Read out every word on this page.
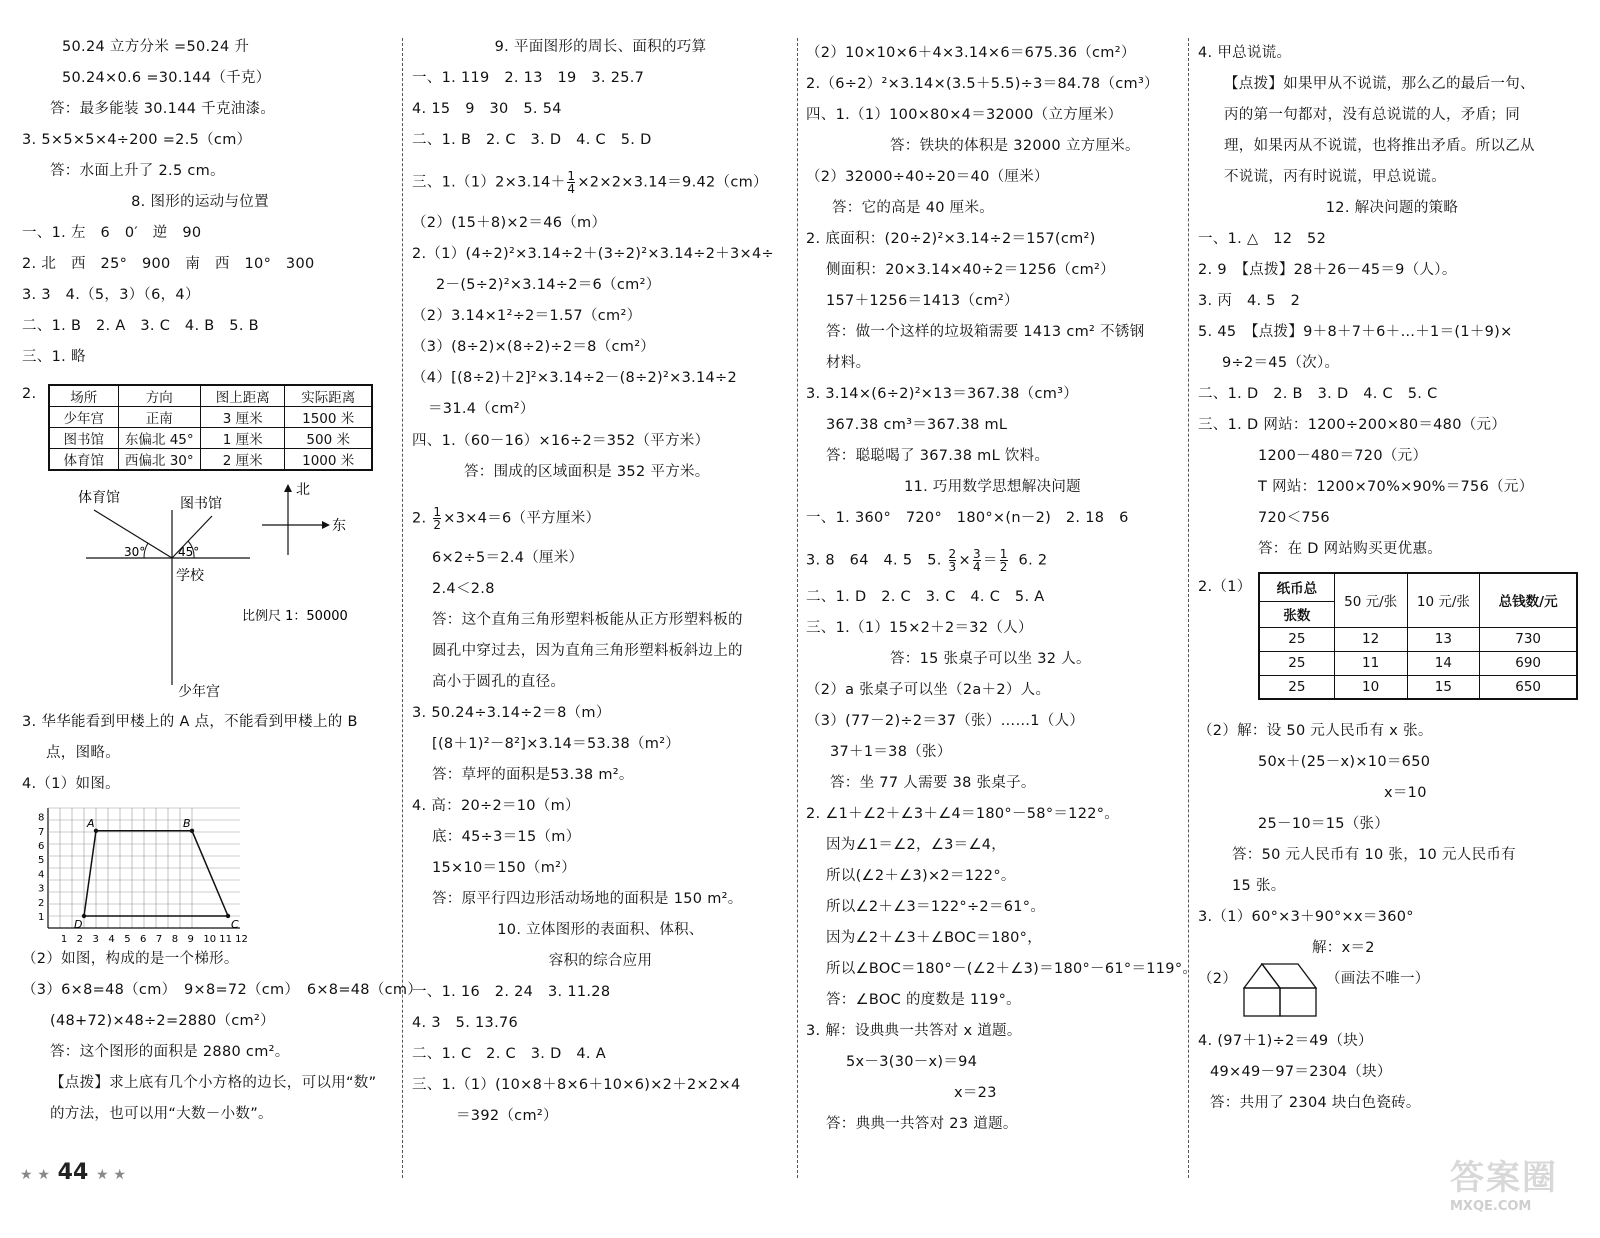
50.24 立方分米 =50.24 升
50.24×0.6 =30.144（千克）
答：最多能装 30.144 千克油漆。
3. 5×5×5×4÷200 =2.5（cm）
答：水面上升了 2.5 cm。
8. 图形的运动与位置
一、1. 左　6　0′　逆　90
2. 北　西　25°　900　南　西　10°　300
3. 3　4.（5，3）（6，4）
二、1. B　2. A　3. C　4. B　5. B
三、1. 略
2.	场所	方向	图上距离	实际距离
少年宫	正南	3 厘米	1500 米
图书馆	东偏北 45°	1 厘米	500 米
体育馆	西偏北 30°	2 厘米	1000 米
体育馆	图书馆
30°	45°
学校
北
东
比例尺 1：50000
少年宫
3. 华华能看到甲楼上的 A 点，不能看到甲楼上的 B
点，图略。
4.（1）如图。
A	B
C
D
1 2 3 4 5 6 7 8 9 10 11 12
1
2
3
4
5
6
7
8
（2）如图，构成的是一个梯形。
（3）6×8=48（cm）　9×8=72（cm）　6×8=48（cm）
(48+72)×48÷2=2880（cm²）
答：这个图形的面积是 2880 cm²。
【点拨】求上底有几个小方格的边长，可以用“数”
的方法，也可以用“大数－小数”。
9. 平面图形的周长、面积的巧算
一、1. 119　2. 13　19　3. 25.7
4. 15　9　30　5. 54
二、1. B　2. C　3. D　4. C　5. D
三、$1.(1)2\times 3.14+ \frac{1}{4} \times 2\times 2\times 3.14=9.42(cm)$
（2）(15＋8)×2＝46（m）
2.（1）(4÷2)²×3.14÷2＋(3÷2)²×3.14÷2＋3×4÷
2－(5÷2)²×3.14÷2＝6（cm²）
（2）3.14×1²÷2＝1.57（cm²）
（3）(8÷2)×(8÷2)÷2＝8（cm²）
（4）[(8÷2)＋2]²×3.14÷2－(8÷2)²×3.14÷2
＝31.4（cm²）
四、1.（60－16）×16÷2＝352（平方米）
答：围成的区域面积是 352 平方米。
2. $\frac{1}{2} \times 3\times 4=6$（平方厘米）
6×2÷5＝2.4（厘米）
2.4＜2.8
答：这个直角三角形塑料板能从正方形塑料板的
圆孔中穿过去，因为直角三角形塑料板斜边上的
高小于圆孔的直径。
3. 50.24÷3.14÷2＝8（m）
[(8＋1)²－8²]×3.14＝53.38（m²）
答：草坪的面积是53.38 m²。
4. 高：20÷2＝10（m）
底：45÷3＝15（m）
15×10＝150（m²）
答：原平行四边形活动场地的面积是 150 m²。
10. 立体图形的表面积、体积、
容积的综合应用
一、1. 16　2. 24　3. 11.28
4. 3　5. 13.76
二、1. C　2. C　3. D　4. A
三、1.（1）(10×8＋8×6＋10×6)×2＋2×2×4
＝392（cm²）
（2）10×10×6＋4×3.14×6＝675.36（cm²）
2.（6÷2）²×3.14×(3.5＋5.5)÷3＝84.78（cm³）
四、1.（1）100×80×4＝32000（立方厘米）
答：铁块的体积是 32000 立方厘米。
（2）32000÷40÷20＝40（厘米）
答：它的高是 40 厘米。
2. 底面积：(20÷2)²×3.14÷2＝157(cm²)
侧面积：20×3.14×40÷2＝1256（cm²）
157＋1256＝1413（cm²）
答：做一个这样的垃圾箱需要 1413 cm² 不锈钢
材料。
3. 3.14×(6÷2)²×13＝367.38（cm³）
367.38 cm³＝367.38 mL
答：聪聪喝了 367.38 mL 饮料。
11. 巧用数学思想解决问题
一、1. 360°　720°　180°×(n－2)　2. 18　6
3. 8　64　4. 5　5. $\frac{2}{3} \times \frac{3}{4} = \frac{1}{2} 6$. 2
二、1. D　2. C　3. C　4. C　5. A
三、1.（1）15×2＋2＝32（人）
答：15 张桌子可以坐 32 人。
（2）a 张桌子可以坐（2a＋2）人。
（3）(77－2)÷2＝37（张）……1（人）
37＋1＝38（张）
答：坐 77 人需要 38 张桌子。
2. ∠1＋∠2＋∠3＋∠4＝180°－58°＝122°。
因为∠1＝∠2，∠3＝∠4，
所以(∠2＋∠3)×2＝122°。
所以∠2＋∠3＝122°÷2＝61°。
因为∠2＋∠3＋∠BOC＝180°，
所以∠BOC＝180°－(∠2＋∠3)＝180°－61°＝119°。
答：∠BOC 的度数是 119°。
3. 解：设典典一共答对 x 道题。
5x－3(30－x)＝94
x＝23
答：典典一共答对 23 道题。
4. 甲总说谎。
【点拨】如果甲从不说谎，那么乙的最后一句、
丙的第一句都对，没有总说谎的人，矛盾；同
理，如果丙从不说谎，也将推出矛盾。所以乙从
不说谎，丙有时说谎，甲总说谎。
12. 解决问题的策略
一、1. △　12　52
2. 9　【点拨】28＋26－45＝9（人）。
3. 丙　4. 5　2
5. 45　【点拨】9＋8＋7＋6＋…＋1＝(1＋9)×
9÷2＝45（次）。
二、1. D　2. B　3. D　4. C　5. C
三、1. D 网站：1200÷200×80＝480（元）
1200－480＝720（元）
T 网站：1200×70%×90%＝756（元）
720＜756
答：在 D 网站购买更优惠。
2.（1） 纸币总	50 元/张	10 元/张	总钱数/元
张数			
25	12	13	730
25	11	14	690
25	10	15	650
（2）解：设 50 元人民币有 x 张。
50x＋(25－x)×10＝650
x＝10
25－10＝15（张）
答：50 元人民币有 10 张，10 元人民币有
15 张。
3.（1）60°×3＋90°×x＝360°
解：x＝2
（2）	（画法不唯一）
4. (97＋1)÷2＝49（块）
49×49－97＝2304（块）
答：共用了 2304 块白色瓷砖。
★ ★ 44 ★ ★	答案圈
MXQE.COM
